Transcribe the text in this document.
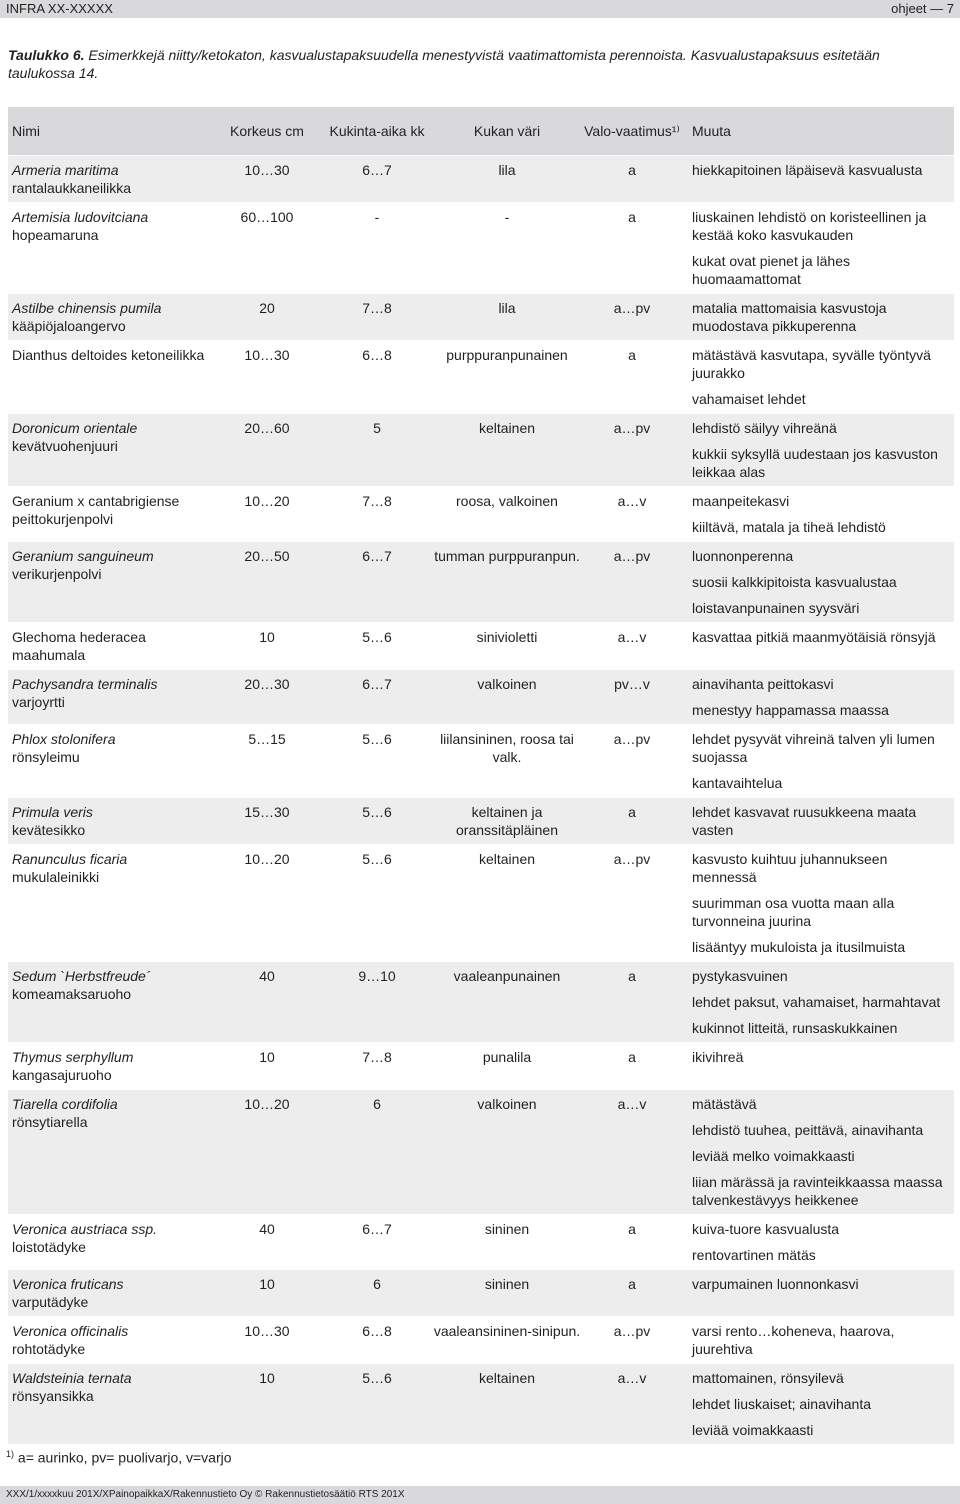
INFRA XX-XXXXX	ohjeet — 7
Taulukko 6. Esimerkkejä niitty/ketokaton, kasvualustapaksuudella menestyvistä vaatimattomista perennoista. Kasvualustapaksuus esitetään taulukossa 14.
Nimi	Korkeus cm	Kukinta-aika kk	Kukan väri	Valo-vaatimus¹⁾	Muuta

Armeria maritima
rantalaukkaneilikka	10…30	6…7	lila	a	hiekkapitoinen läpäisevä kasvualusta

Artemisia ludovitciana
hopeamaruna	60…100	-	-	a	liuskainen lehdistö on koristeellinen ja kestää koko kasvukauden
kukat ovat pienet ja lähes huomaamattomat

Astilbe chinensis pumila
kääpiöjaloangervo	20	7…8	lila	a…pv	matalia mattomaisia kasvustoja muodostava pikkuperenna

Dianthus deltoides ketoneilikka	10…30	6…8	purppuranpunainen	a	mätästävä kasvutapa, syvälle työntyvä juurakko
vahamaiset lehdet

Doronicum orientale
kevätvuohenjuuri	20…60	5	keltainen	a…pv	lehdistö säilyy vihreänä
kukkii syksyllä uudestaan jos kasvuston leikkaa alas

Geranium x cantabrigiense peittokurjenpolvi	10…20	7…8	roosa, valkoinen	a…v	maanpeitekasvi
kiiltävä, matala ja tiheä lehdistö

Geranium sanguineum
verikurjenpolvi	20…50	6…7	tumman purppuranpun.	a…pv	luonnonperenna
suosii kalkkipitoista kasvualustaa
loistavanpunainen syysväri

Glechoma hederacea maahumala	10	5…6	sinivioletti	a…v	kasvattaa pitkiä maanmyötäisiä rönsyjä

Pachysandra terminalis
varjoyrtti	20…30	6…7	valkoinen	pv…v	ainavihanta peittokasvi
menestyy happamassa maassa

Phlox stolonifera
rönsyleimu	5…15	5…6	liilansininen, roosa tai valk.	a…pv	lehdet pysyvät vihreinä talven yli lumen suojassa
kantavaihtelua

Primula veris
kevätesikko	15…30	5…6	keltainen ja oranssitäpläinen	a	lehdet kasvavat ruusukkeena maata vasten

Ranunculus ficaria
mukulaleinikki	10…20	5…6	keltainen	a…pv	kasvusto kuihtuu juhannukseen mennessä
suurimman osa vuotta maan alla turvonneina juurina
lisääntyy mukuloista ja itusilmuista

Sedum `Herbstfreude´
komeamaksaruoho	40	9…10	vaaleanpunainen	a	pystykasvuinen
lehdet paksut, vahamaiset, harmahtavat
kukinnot litteitä, runsaskukkainen

Thymus serphyllum
kangasajuruoho	10	7…8	punalila	a	ikivihreä

Tiarella cordifolia
rönsytiarella	10…20	6	valkoinen	a…v	mätästävä
lehdistö tuuhea, peittävä, ainavihanta
leviää melko voimakkaasti
liian märässä ja ravinteikkaassa maassa talvenkestävyys heikkenee

Veronica austriaca ssp.
loistotädyke	40	6…7	sininen	a	kuiva-tuore kasvualusta
rentovartinen mätäs

Veronica fruticans
varputädyke	10	6	sininen	a	varpumainen luonnonkasvi

Veronica officinalis
rohtotädyke	10…30	6…8	vaaleansininen-sinipun.	a…pv	varsi rento…koheneva, haarova, juurehtiva

Waldsteinia ternata
rönsyansikka	10	5…6	keltainen	a…v	mattomainen, rönsyilevä
lehdet liuskaiset; ainavihanta
leviää voimakkaasti
$^{1)}$ a= aurinko, pv= puolivarjo, v=varjo
XXX/1/xxxxkuu 201X/XPainopaikkaX/Rakennustieto Oy © Rakennustietosäätiö RTS 201X
